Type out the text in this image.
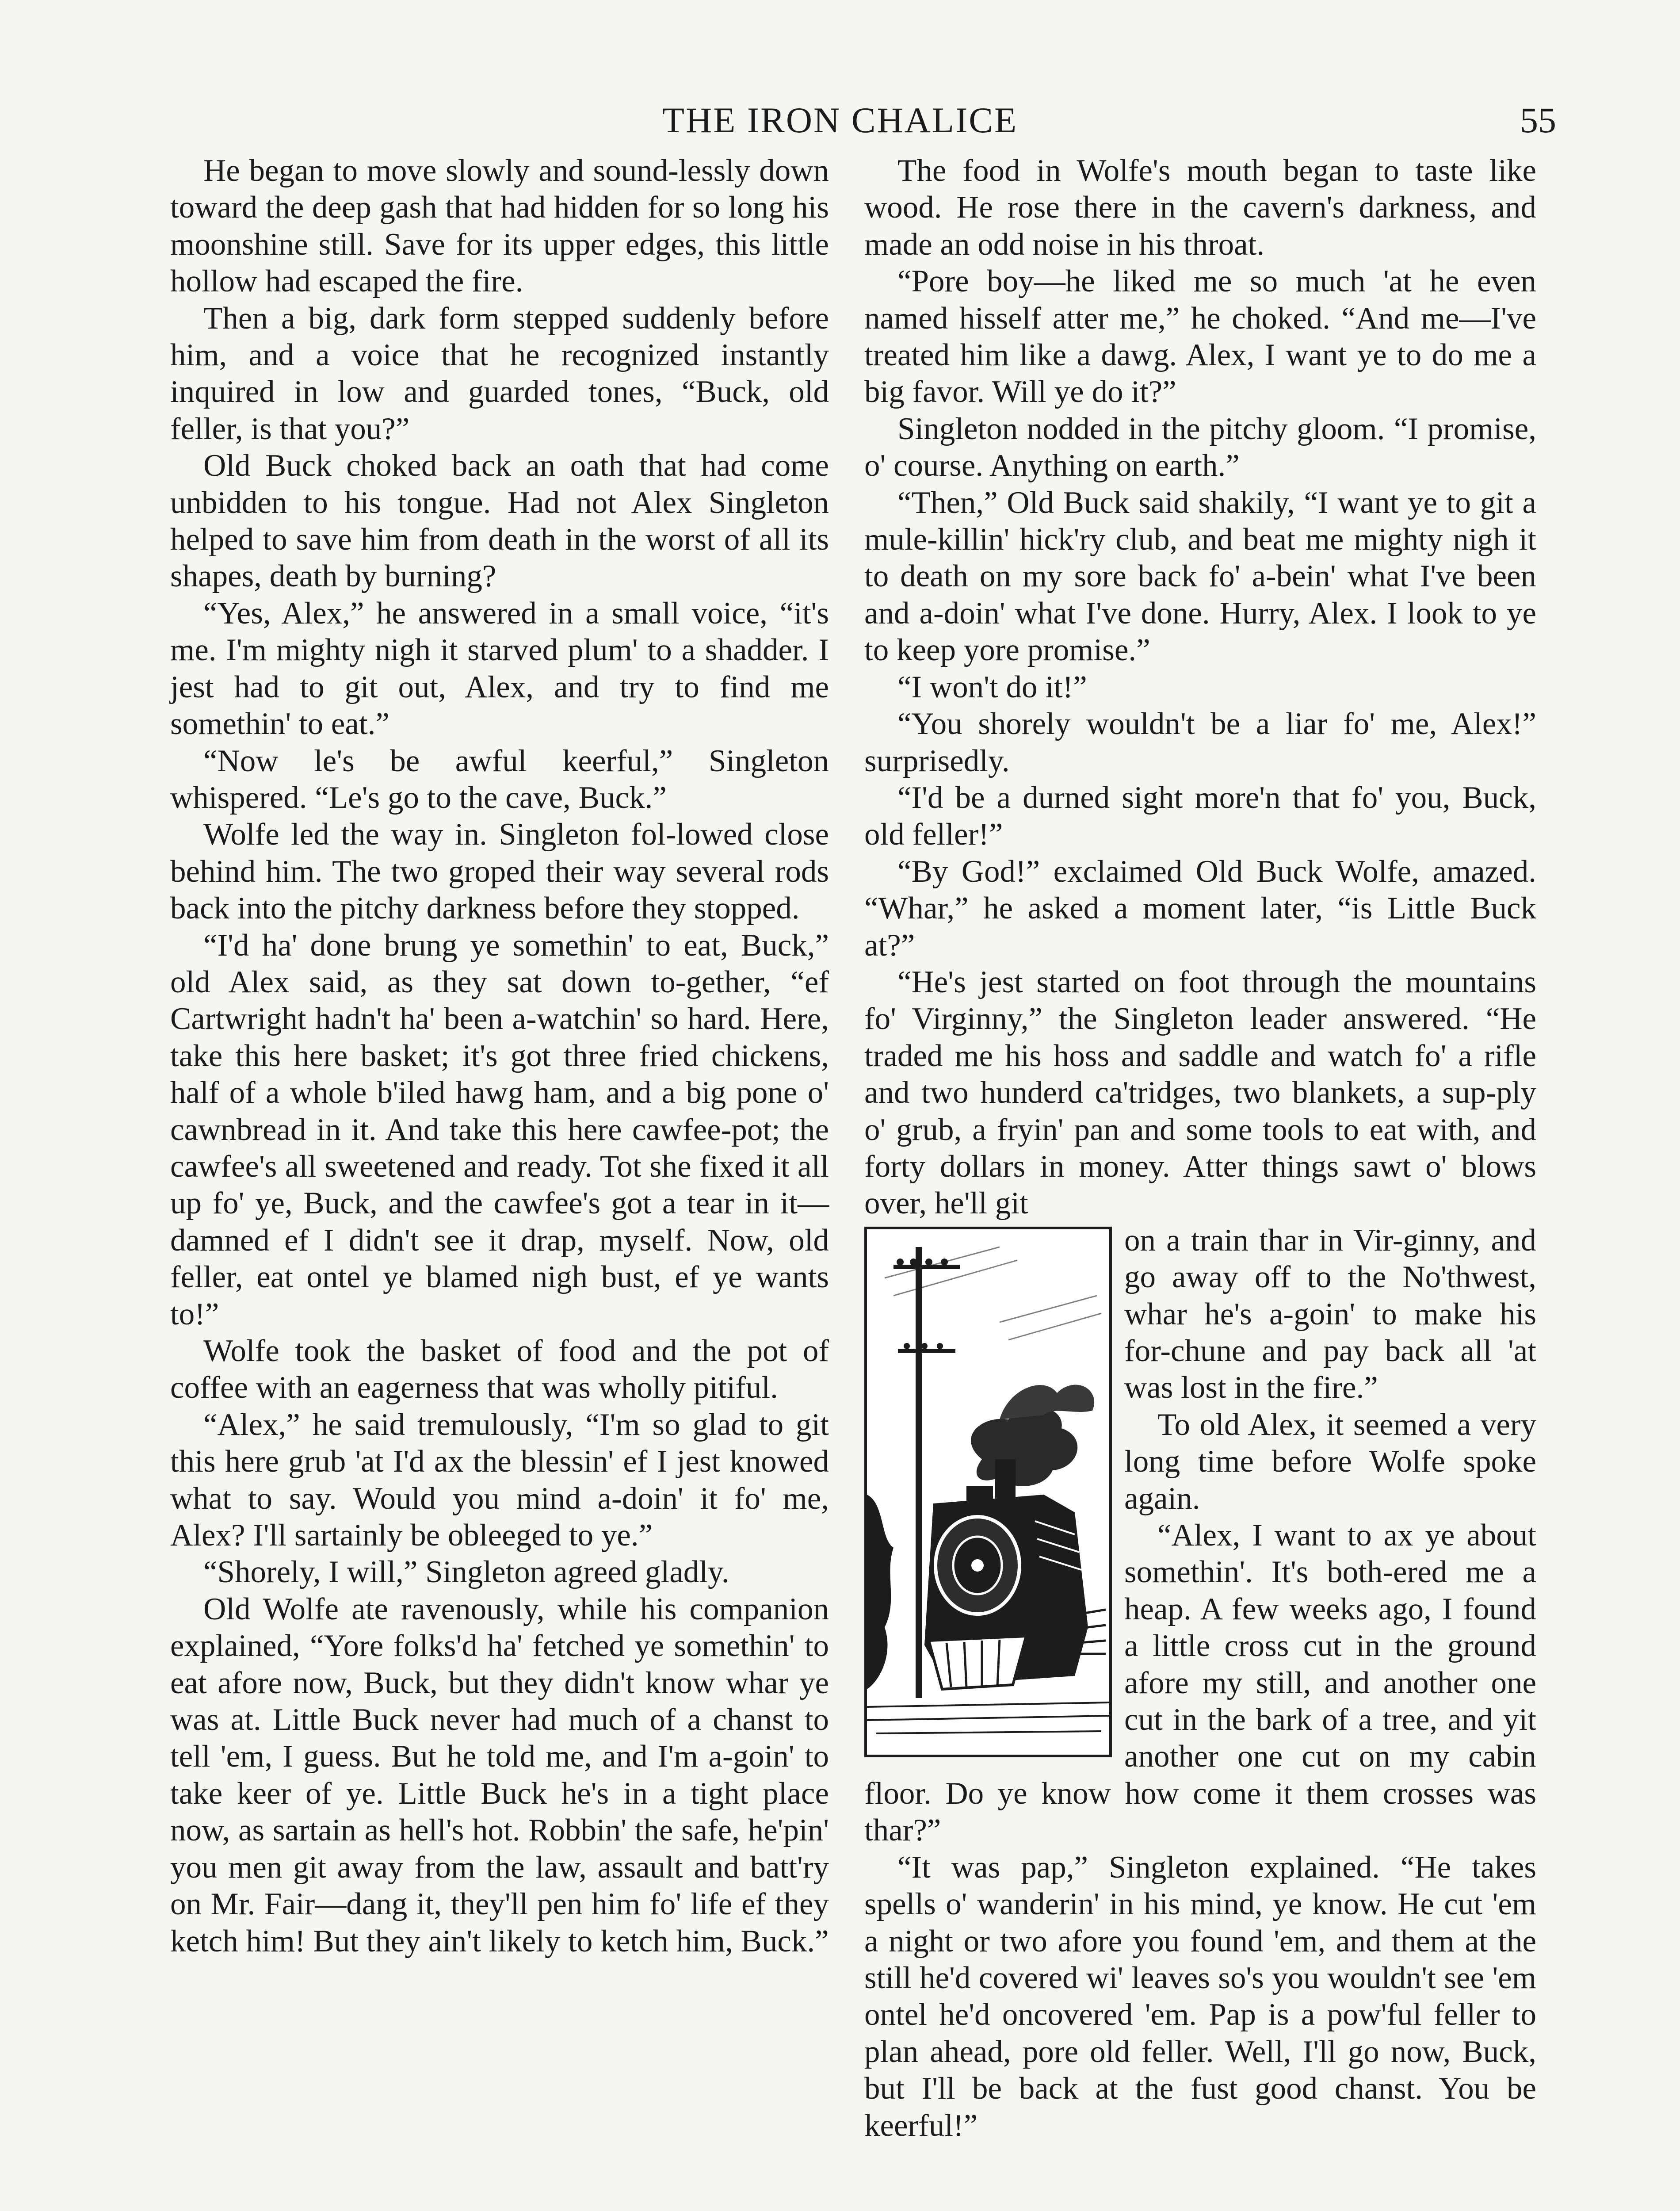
THE IRON CHALICE	55

He began to move slowly and sound-lessly down toward the deep gash that had hidden for so long his moonshine still. Save for its upper edges, this little hollow had escaped the fire.

Then a big, dark form stepped suddenly before him, and a voice that he recognized instantly inquired in low and guarded tones, “Buck, old feller, is that you?”

Old Buck choked back an oath that had come unbidden to his tongue. Had not Alex Singleton helped to save him from death in the worst of all its shapes, death by burning?

“Yes, Alex,” he answered in a small voice, “it's me. I'm mighty nigh it starved plum' to a shadder. I jest had to git out, Alex, and try to find me somethin' to eat.”

“Now le's be awful keerful,” Singleton whispered. “Le's go to the cave, Buck.”

Wolfe led the way in. Singleton fol-lowed close behind him. The two groped their way several rods back into the pitchy darkness before they stopped.

“I'd ha' done brung ye somethin' to eat, Buck,” old Alex said, as they sat down to-gether, “ef Cartwright hadn't ha' been a-watchin' so hard. Here, take this here basket; it's got three fried chickens, half of a whole b'iled hawg ham, and a big pone o' cawnbread in it. And take this here cawfee-pot; the cawfee's all sweetened and ready. Tot she fixed it all up fo' ye, Buck, and the cawfee's got a tear in it—damned ef I didn't see it drap, myself. Now, old feller, eat ontel ye blamed nigh bust, ef ye wants to!”

Wolfe took the basket of food and the pot of coffee with an eagerness that was wholly pitiful.

“Alex,” he said tremulously, “I'm so glad to git this here grub 'at I'd ax the blessin' ef I jest knowed what to say. Would you mind a-doin' it fo' me, Alex? I'll sartainly be obleeged to ye.”

“Shorely, I will,” Singleton agreed gladly.

Old Wolfe ate ravenously, while his companion explained, “Yore folks'd ha' fetched ye somethin' to eat afore now, Buck, but they didn't know whar ye was at. Little Buck never had much of a chanst to tell 'em, I guess. But he told me, and I'm a-goin' to take keer of ye. Little Buck he's in a tight place now, as sartain as hell's hot. Robbin' the safe, he'pin' you men git away from the law, assault and batt'ry on Mr. Fair—dang it, they'll pen him fo' life ef they ketch him! But they ain't likely to ketch him, Buck.”

The food in Wolfe's mouth began to taste like wood. He rose there in the cavern's darkness, and made an odd noise in his throat.

“Pore boy—he liked me so much 'at he even named hisself atter me,” he choked. “And me—I've treated him like a dawg. Alex, I want ye to do me a big favor. Will ye do it?”

Singleton nodded in the pitchy gloom. “I promise, o' course. Anything on earth.”

“Then,” Old Buck said shakily, “I want ye to git a mule-killin' hick'ry club, and beat me mighty nigh it to death on my sore back fo' a-bein' what I've been and a-doin' what I've done. Hurry, Alex. I look to ye to keep yore promise.”

“I won't do it!”

“You shorely wouldn't be a liar fo' me, Alex!” surprisedly.

“I'd be a durned sight more'n that fo' you, Buck, old feller!”

“By God!” exclaimed Old Buck Wolfe, amazed. “Whar,” he asked a moment later, “is Little Buck at?”

“He's jest started on foot through the mountains fo' Virginny,” the Singleton leader answered. “He traded me his hoss and saddle and watch fo' a rifle and two hunderd ca'tridges, two blankets, a sup-ply o' grub, a fryin' pan and some tools to eat with, and forty dollars in money. Atter things sawt o' blows over, he'll git

on a train thar in Vir-ginny, and go away off to the No'thwest, whar he's a-goin' to make his for-chune and pay back all 'at was lost in the fire.”

To old Alex, it seemed a very long time before Wolfe spoke again.

“Alex, I want to ax ye about somethin'. It's both-ered me a heap. A few weeks ago, I found a little cross cut in the ground afore my still, and another one cut in the bark of a tree, and yit another one cut on my cabin floor. Do ye know how come it them crosses was thar?”

“It was pap,” Singleton explained. “He takes spells o' wanderin' in his mind, ye know. He cut 'em a night or two afore you found 'em, and them at the still he'd covered wi' leaves so's you wouldn't see 'em ontel he'd oncovered 'em. Pap is a pow'ful feller to plan ahead, pore old feller. Well, I'll go now, Buck, but I'll be back at the fust good chanst. You be keerful!”
